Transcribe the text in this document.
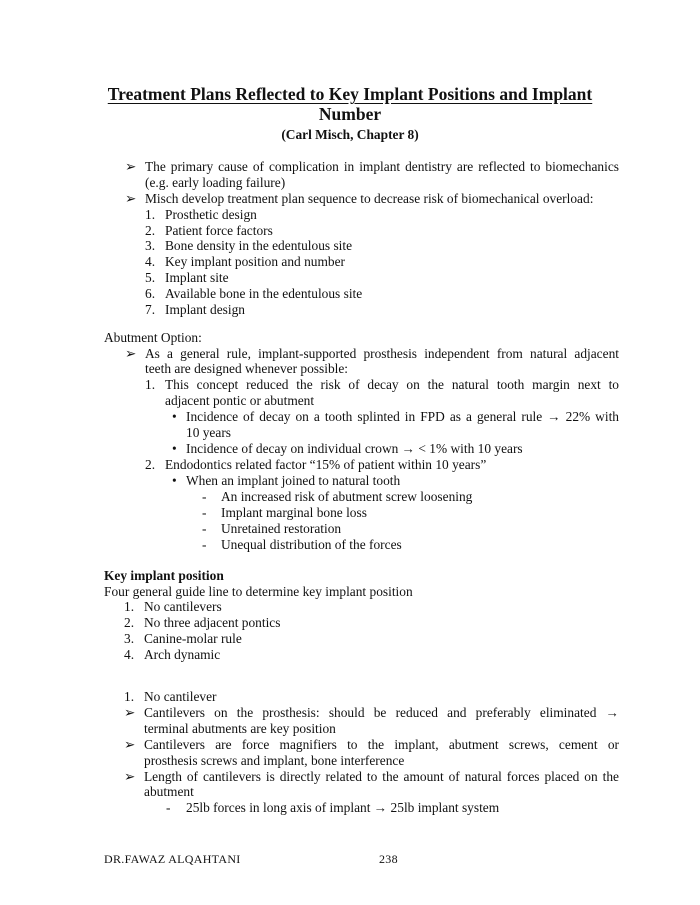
Treatment Plans Reflected to Key Implant Positions and Implant
Number
(Carl Misch, Chapter 8)
➢ The primary cause of complication in implant dentistry are reflected to biomechanics
(e.g. early loading failure)
➢ Misch develop treatment plan sequence to decrease risk of biomechanical overload:
1. Prosthetic design
2. Patient force factors
3. Bone density in the edentulous site
4. Key implant position and number
5. Implant site
6. Available bone in the edentulous site
7. Implant design
Abutment Option:
➢ As a general rule, implant-supported prosthesis independent from natural adjacent
teeth are designed whenever possible:
1. This concept reduced the risk of decay on the natural tooth margin next to
adjacent pontic or abutment
• Incidence of decay on a tooth splinted in FPD as a general rule → 22% with
10 years
• Incidence of decay on individual crown → < 1% with 10 years
2. Endodontics related factor “15% of patient within 10 years”
• When an implant joined to natural tooth
- An increased risk of abutment screw loosening
- Implant marginal bone loss
- Unretained restoration
- Unequal distribution of the forces
Key implant position
Four general guide line to determine key implant position
1. No cantilevers
2. No three adjacent pontics
3. Canine-molar rule
4. Arch dynamic
1. No cantilever
➢ Cantilevers on the prosthesis: should be reduced and preferably eliminated →
terminal abutments are key position
➢ Cantilevers are force magnifiers to the implant, abutment screws, cement or
prosthesis screws and implant, bone interference
➢ Length of cantilevers is directly related to the amount of natural forces placed on the
abutment
- 25lb forces in long axis of implant → 25lb implant system
DR.FAWAZ ALQAHTANI	238
